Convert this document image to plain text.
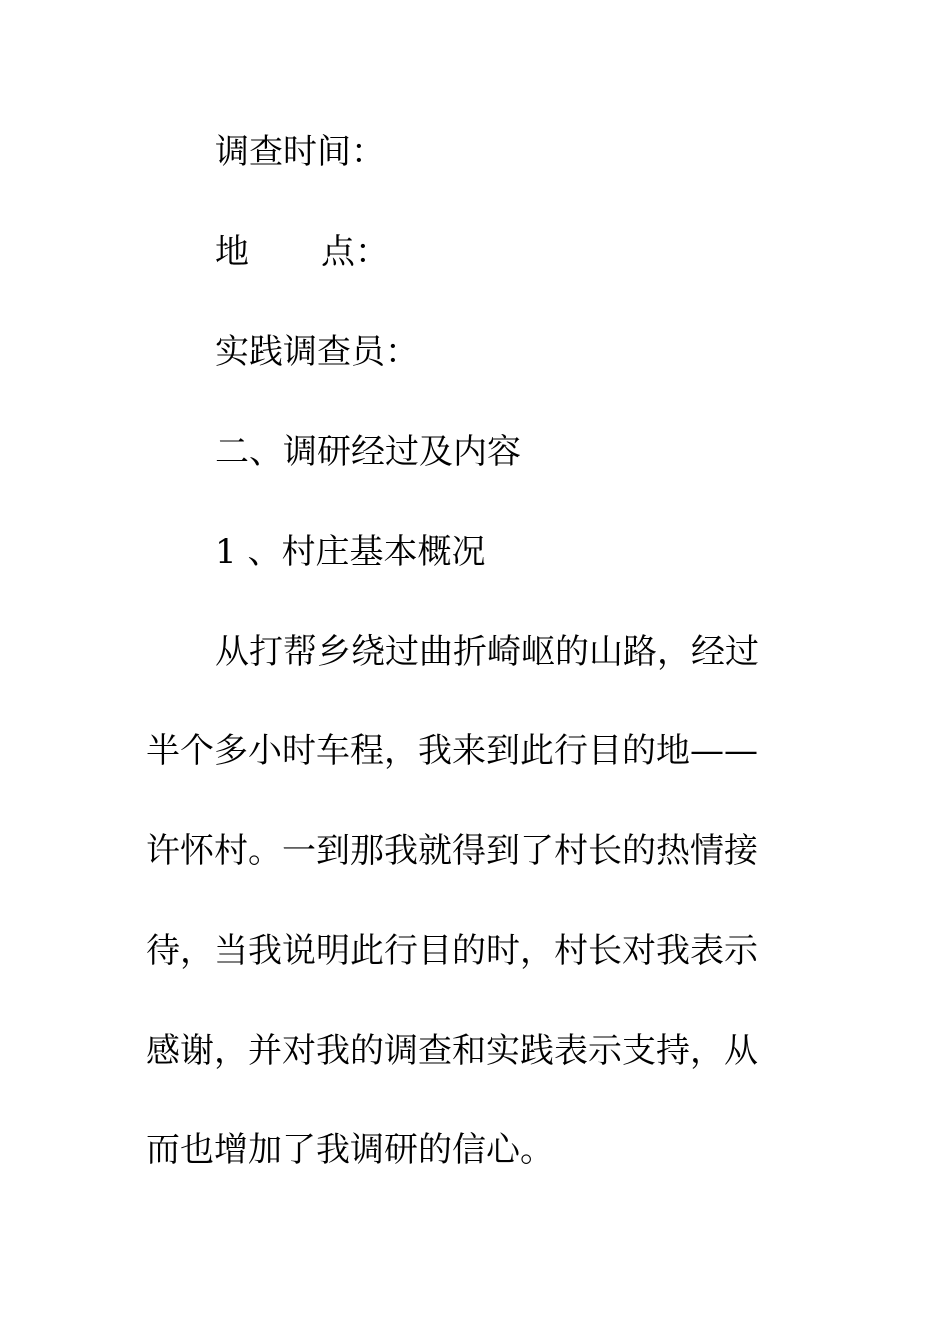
调查时间：
地 点：
实践调查员：
二、调研经过及内容
1 、村庄基本概况
从打帮乡绕过曲折崎岖的山路，经过
半个多小时车程，我来到此行目的地——
许怀村。一到那我就得到了村长的热情接
待，当我说明此行目的时，村长对我表示
感谢，并对我的调查和实践表示支持，从
而也增加了我调研的信心。
